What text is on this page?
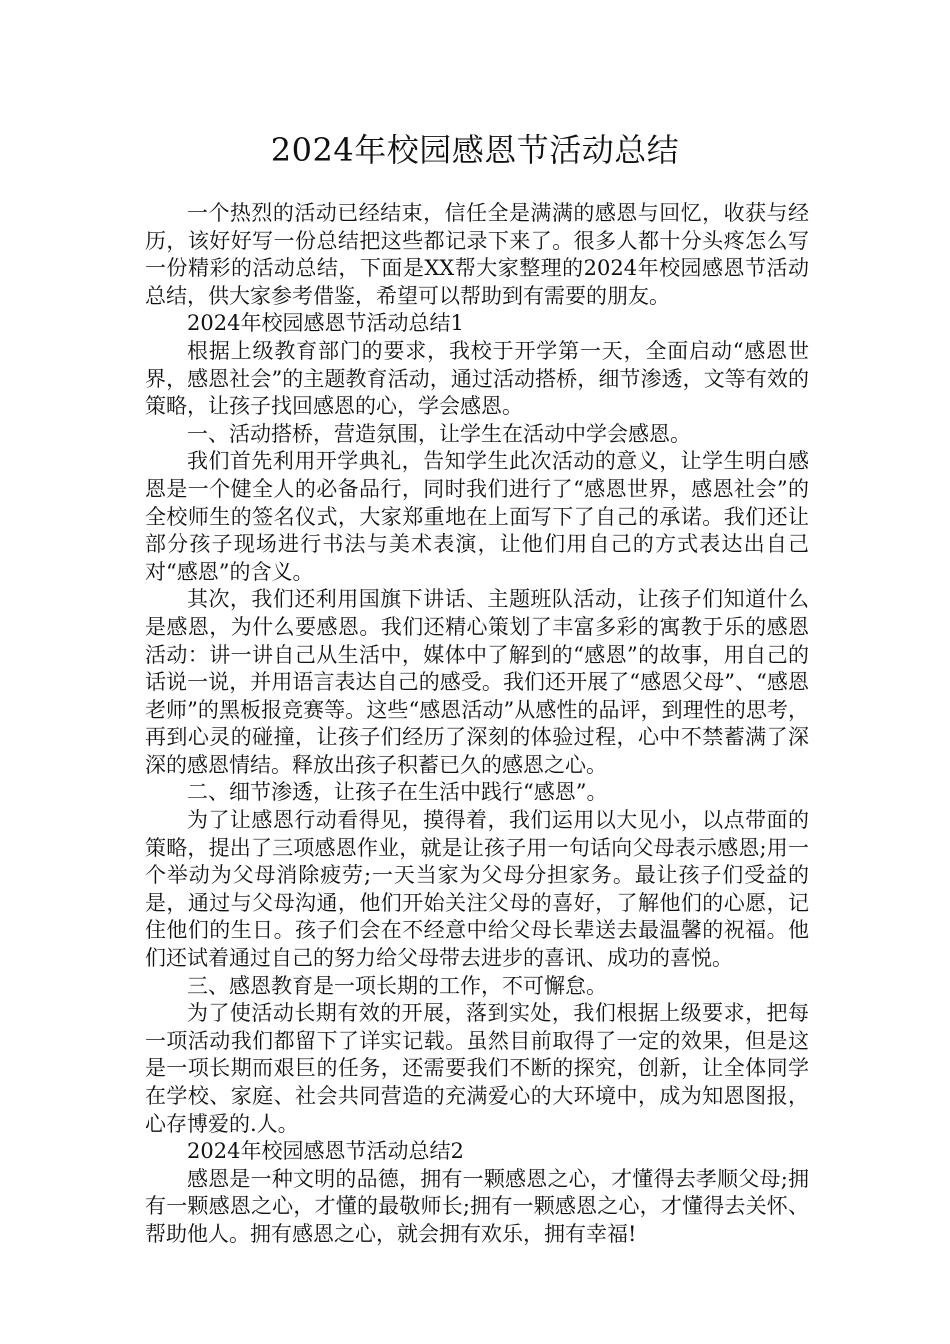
2024年校园感恩节活动总结

一个热烈的活动已经结束，信任全是满满的感恩与回忆，收获与经历，该好好写一份总结把这些都记录下来了。很多人都十分头疼怎么写一份精彩的活动总结，下面是XX帮大家整理的2024年校园感恩节活动总结，供大家参考借鉴，希望可以帮助到有需要的朋友。

2024年校园感恩节活动总结1

根据上级教育部门的要求，我校于开学第一天，全面启动“感恩世界，感恩社会”的主题教育活动，通过活动搭桥，细节渗透，文等有效的策略，让孩子找回感恩的心，学会感恩。

一、活动搭桥，营造氛围，让学生在活动中学会感恩。

我们首先利用开学典礼，告知学生此次活动的意义，让学生明白感恩是一个健全人的必备品行，同时我们进行了“感恩世界，感恩社会”的全校师生的签名仪式，大家郑重地在上面写下了自己的承诺。我们还让部分孩子现场进行书法与美术表演，让他们用自己的方式表达出自己对“感恩”的含义。

其次，我们还利用国旗下讲话、主题班队活动，让孩子们知道什么是感恩，为什么要感恩。我们还精心策划了丰富多彩的寓教于乐的感恩活动：讲一讲自己从生活中，媒体中了解到的“感恩”的故事，用自己的话说一说，并用语言表达自己的感受。我们还开展了“感恩父母”、“感恩老师”的黑板报竞赛等。这些“感恩活动”从感性的品评，到理性的思考，再到心灵的碰撞，让孩子们经历了深刻的体验过程，心中不禁蓄满了深深的感恩情结。释放出孩子积蓄已久的感恩之心。

二、细节渗透，让孩子在生活中践行“感恩”。

为了让感恩行动看得见，摸得着，我们运用以大见小，以点带面的策略，提出了三项感恩作业，就是让孩子用一句话向父母表示感恩;用一个举动为父母消除疲劳;一天当家为父母分担家务。最让孩子们受益的是，通过与父母沟通，他们开始关注父母的喜好，了解他们的心愿，记住他们的生日。孩子们会在不经意中给父母长辈送去最温馨的祝福。他们还试着通过自己的努力给父母带去进步的喜讯、成功的喜悦。

三、感恩教育是一项长期的工作，不可懈怠。

为了使活动长期有效的开展，落到实处，我们根据上级要求，把每一项活动我们都留下了详实记载。虽然目前取得了一定的效果，但是这是一项长期而艰巨的任务，还需要我们不断的探究，创新，让全体同学在学校、家庭、社会共同营造的充满爱心的大环境中，成为知恩图报，心存博爱的.人。

2024年校园感恩节活动总结2

感恩是一种文明的品德，拥有一颗感恩之心，才懂得去孝顺父母;拥有一颗感恩之心，才懂的最敬师长;拥有一颗感恩之心，才懂得去关怀、帮助他人。拥有感恩之心，就会拥有欢乐，拥有幸福!
